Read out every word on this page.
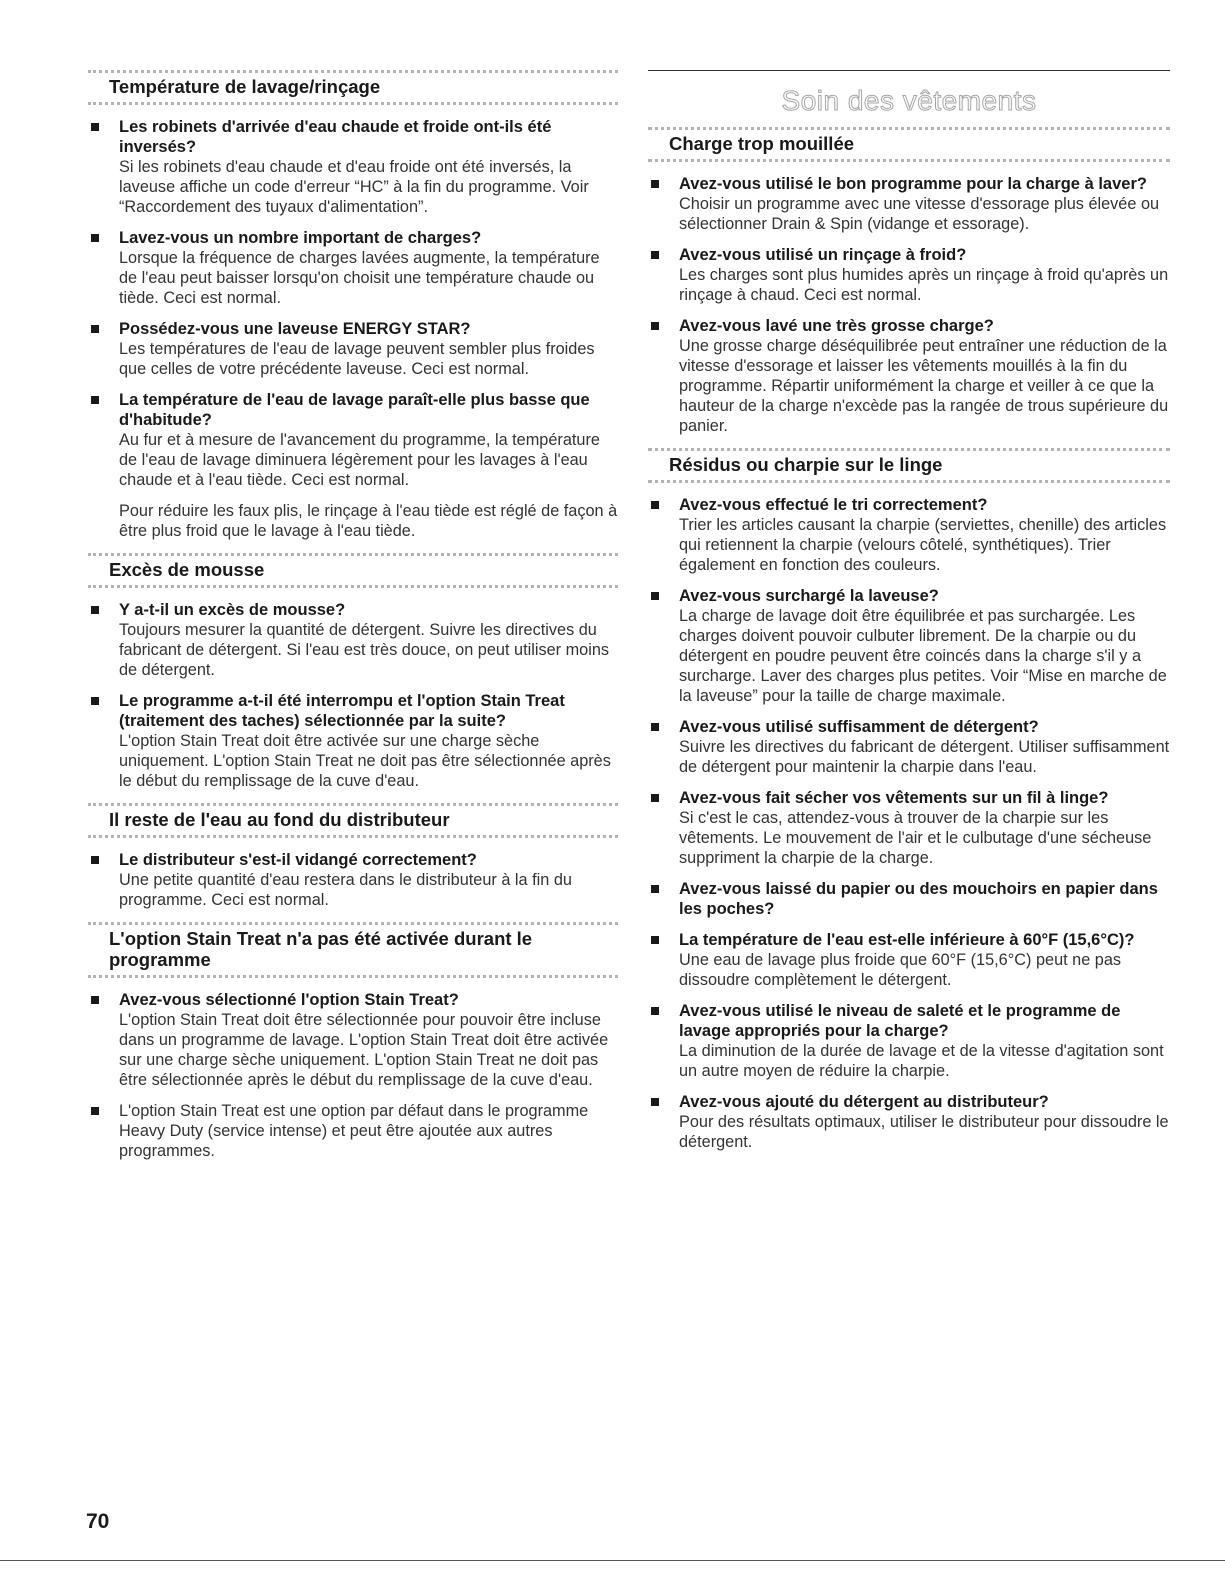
Température de lavage/rinçage
Les robinets d'arrivée d'eau chaude et froide ont-ils été inversés?
Si les robinets d'eau chaude et d'eau froide ont été inversés, la laveuse affiche un code d'erreur “HC” à la fin du programme. Voir “Raccordement des tuyaux d'alimentation”.
Lavez-vous un nombre important de charges?
Lorsque la fréquence de charges lavées augmente, la température de l'eau peut baisser lorsqu'on choisit une température chaude ou tiède. Ceci est normal.
Possédez-vous une laveuse ENERGY STAR?
Les températures de l'eau de lavage peuvent sembler plus froides que celles de votre précédente laveuse. Ceci est normal.
La température de l'eau de lavage paraît-elle plus basse que d'habitude?
Au fur et à mesure de l'avancement du programme, la température de l'eau de lavage diminuera légèrement pour les lavages à l'eau chaude et à l'eau tiède. Ceci est normal.
Pour réduire les faux plis, le rinçage à l'eau tiède est réglé de façon à être plus froid que le lavage à l'eau tiède.
Excès de mousse
Y a-t-il un excès de mousse?
Toujours mesurer la quantité de détergent. Suivre les directives du fabricant de détergent. Si l'eau est très douce, on peut utiliser moins de détergent.
Le programme a-t-il été interrompu et l'option Stain Treat (traitement des taches) sélectionnée par la suite?
L'option Stain Treat doit être activée sur une charge sèche uniquement. L'option Stain Treat ne doit pas être sélectionnée après le début du remplissage de la cuve d'eau.
Il reste de l'eau au fond du distributeur
Le distributeur s'est-il vidangé correctement?
Une petite quantité d'eau restera dans le distributeur à la fin du programme. Ceci est normal.
L'option Stain Treat n'a pas été activée durant le programme
Avez-vous sélectionné l'option Stain Treat?
L'option Stain Treat doit être sélectionnée pour pouvoir être incluse dans un programme de lavage. L'option Stain Treat doit être activée sur une charge sèche uniquement. L'option Stain Treat ne doit pas être sélectionnée après le début du remplissage de la cuve d'eau.
L'option Stain Treat est une option par défaut dans le programme Heavy Duty (service intense) et peut être ajoutée aux autres programmes.
Soin des vêtements
Charge trop mouillée
Avez-vous utilisé le bon programme pour la charge à laver?
Choisir un programme avec une vitesse d'essorage plus élevée ou sélectionner Drain & Spin (vidange et essorage).
Avez-vous utilisé un rinçage à froid?
Les charges sont plus humides après un rinçage à froid qu'après un rinçage à chaud. Ceci est normal.
Avez-vous lavé une très grosse charge?
Une grosse charge déséquilibrée peut entraîner une réduction de la vitesse d'essorage et laisser les vêtements mouillés à la fin du programme. Répartir uniformément la charge et veiller à ce que la hauteur de la charge n'excède pas la rangée de trous supérieure du panier.
Résidus ou charpie sur le linge
Avez-vous effectué le tri correctement?
Trier les articles causant la charpie (serviettes, chenille) des articles qui retiennent la charpie (velours côtelé, synthétiques). Trier également en fonction des couleurs.
Avez-vous surchargé la laveuse?
La charge de lavage doit être équilibrée et pas surchargée. Les charges doivent pouvoir culbuter librement. De la charpie ou du détergent en poudre peuvent être coincés dans la charge s'il y a surcharge. Laver des charges plus petites. Voir “Mise en marche de la laveuse” pour la taille de charge maximale.
Avez-vous utilisé suffisamment de détergent?
Suivre les directives du fabricant de détergent. Utiliser suffisamment de détergent pour maintenir la charpie dans l'eau.
Avez-vous fait sécher vos vêtements sur un fil à linge?
Si c'est le cas, attendez-vous à trouver de la charpie sur les vêtements. Le mouvement de l'air et le culbutage d'une sécheuse suppriment la charpie de la charge.
Avez-vous laissé du papier ou des mouchoirs en papier dans les poches?
La température de l'eau est-elle inférieure à 60°F (15,6°C)?
Une eau de lavage plus froide que 60°F (15,6°C) peut ne pas dissoudre complètement le détergent.
Avez-vous utilisé le niveau de saleté et le programme de lavage appropriés pour la charge?
La diminution de la durée de lavage et de la vitesse d'agitation sont un autre moyen de réduire la charpie.
Avez-vous ajouté du détergent au distributeur?
Pour des résultats optimaux, utiliser le distributeur pour dissoudre le détergent.
70
